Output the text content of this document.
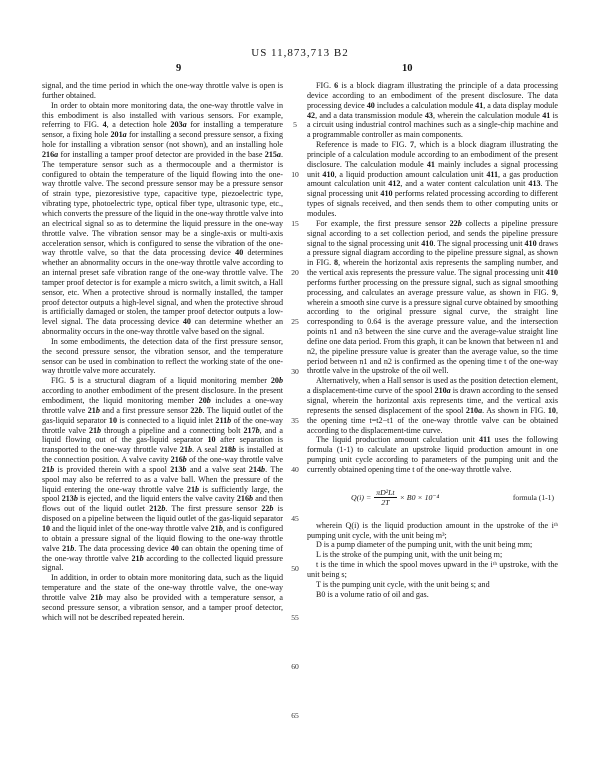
US 11,873,713 B2
9	10

signal, and the time period in which the one-way throttle valve is open is further obtained.

In order to obtain more monitoring data, the one-way throttle valve in this embodiment is also installed with various sensors. For example, referring to FIG. 4, a detection hole 203a for installing a temperature sensor, a fixing hole 201a for installing a second pressure sensor, a fixing hole for installing a vibration sensor (not shown), and an installing hole 216a for installing a tamper proof detector are provided in the base 215a. The temperature sensor such as a thermocouple and a thermistor is configured to obtain the temperature of the liquid flowing into the one-way throttle valve. The second pressure sensor may be a pressure sensor of strain type, piezoresistive type, capacitive type, piezoelectric type, vibrating type, photoelectric type, optical fiber type, ultrasonic type, etc., which converts the pressure of the liquid in the one-way throttle valve into an electrical signal so as to determine the liquid pressure in the one-way throttle valve. The vibration sensor may be a single-axis or multi-axis acceleration sensor, which is configured to sense the vibration of the one-way throttle valve, so that the data processing device 40 determines whether an abnormality occurs in the one-way throttle valve according to an internal preset safe vibration range of the one-way throttle valve. The tamper proof detector is for example a micro switch, a limit switch, a Hall sensor, etc. When a protective shroud is normally installed, the tamper proof detector outputs a high-level signal, and when the protective shroud is artificially damaged or stolen, the tamper proof detector outputs a low-level signal. The data processing device 40 can determine whether an abnormality occurs in the one-way throttle valve based on the signal.

In some embodiments, the detection data of the first pressure sensor, the second pressure sensor, the vibration sensor, and the temperature sensor can be used in combination to reflect the working state of the one-way throttle valve more accurately.

FIG. 5 is a structural diagram of a liquid monitoring member 20b according to another embodiment of the present disclosure. In the present embodiment, the liquid monitoring member 20b includes a one-way throttle valve 21b and a first pressure sensor 22b. The liquid outlet of the gas-liquid separator 10 is connected to a liquid inlet 211b of the one-way throttle valve 21b through a pipeline and a connecting bolt 217b, and a liquid flowing out of the gas-liquid separator 10 after separation is transported to the one-way throttle valve 21b. A seal 218b is installed at the connection position. A valve cavity 216b of the one-way throttle valve 21b is provided therein with a spool 213b and a valve seat 214b. The spool may also be referred to as a valve ball. When the pressure of the liquid entering the one-way throttle valve 21b is sufficiently large, the spool 213b is ejected, and the liquid enters the valve cavity 216b and then flows out of the liquid outlet 212b. The first pressure sensor 22b is disposed on a pipeline between the liquid outlet of the gas-liquid separator 10 and the liquid inlet of the one-way throttle valve 21b, and is configured to obtain a pressure signal of the liquid flowing to the one-way throttle valve 21b. The data processing device 40 can obtain the opening time of the one-way throttle valve 21b according to the collected liquid pressure signal.

In addition, in order to obtain more monitoring data, such as the liquid temperature and the state of the one-way throttle valve, the one-way throttle valve 21b may also be provided with a temperature sensor, a second pressure sensor, a vibration sensor, and a tamper proof detector, which will not be described repeated herein.

5
10
15
20
25
30
35
40
45
50
55
60
65

FIG. 6 is a block diagram illustrating the principle of a data processing device according to an embodiment of the present disclosure. The data processing device 40 includes a calculation module 41, a data display module 42, and a data transmission module 43, wherein the calculation module 41 is a circuit using industrial control machines such as a single-chip machine and a programmable controller as main components.

Reference is made to FIG. 7, which is a block diagram illustrating the principle of a calculation module according to an embodiment of the present disclosure. The calculation module 41 mainly includes a signal processing unit 410, a liquid production amount calculation unit 411, a gas production amount calculation unit 412, and a water content calculation unit 413. The signal processing unit 410 performs related processing according to different types of signals received, and then sends them to other computing units or modules.

For example, the first pressure sensor 22b collects a pipeline pressure signal according to a set collection period, and sends the pipeline pressure signal to the signal processing unit 410. The signal processing unit 410 draws a pressure signal diagram according to the pipeline pressure signal, as shown in FIG. 8, wherein the horizontal axis represents the sampling number, and the vertical axis represents the pressure value. The signal processing unit 410 performs further processing on the pressure signal, such as signal smoothing processing, and calculates an average pressure value, as shown in FIG. 9, wherein a smooth sine curve is a pressure signal curve obtained by smoothing according to the original pressure signal curve, the straight line corresponding to 0.64 is the average pressure value, and the intersection points n1 and n3 between the sine curve and the average-value straight line define one data period. From this graph, it can be known that between n1 and n2, the pipeline pressure value is greater than the average value, so the time period between n1 and n2 is confirmed as the opening time t of the one-way throttle valve in the upstroke of the oil well.

Alternatively, when a Hall sensor is used as the position detection element, a displacement-time curve of the spool 210a is drawn according to the sensed signal, wherein the horizontal axis represents time, and the vertical axis represents the sensed displacement of the spool 210a. As shown in FIG. 10, the opening time t=t2−t1 of the one-way throttle valve can be obtained according to the displacement-time curve.

The liquid production amount calculation unit 411 uses the following formula (1-1) to calculate an upstroke liquid production amount in one pumping unit cycle according to parameters of the pumping unit and the currently obtained opening time t of the one-way throttle valve.

$Q(i) = \frac{\text{πD²Lt}}{2T} \times B0 \times 10^{-4}$	formula (1-1)

wherein Q(i) is the liquid production amount in the upstroke of the iᵗʰ pumping unit cycle, with the unit being m³;

D is a pump diameter of the pumping unit, with the unit being mm;

L is the stroke of the pumping unit, with the unit being m;

t is the time in which the spool moves upward in the iᵗʰ upstroke, with the unit being s;

T is the pumping unit cycle, with the unit being s; and

B0 is a volume ratio of oil and gas.
